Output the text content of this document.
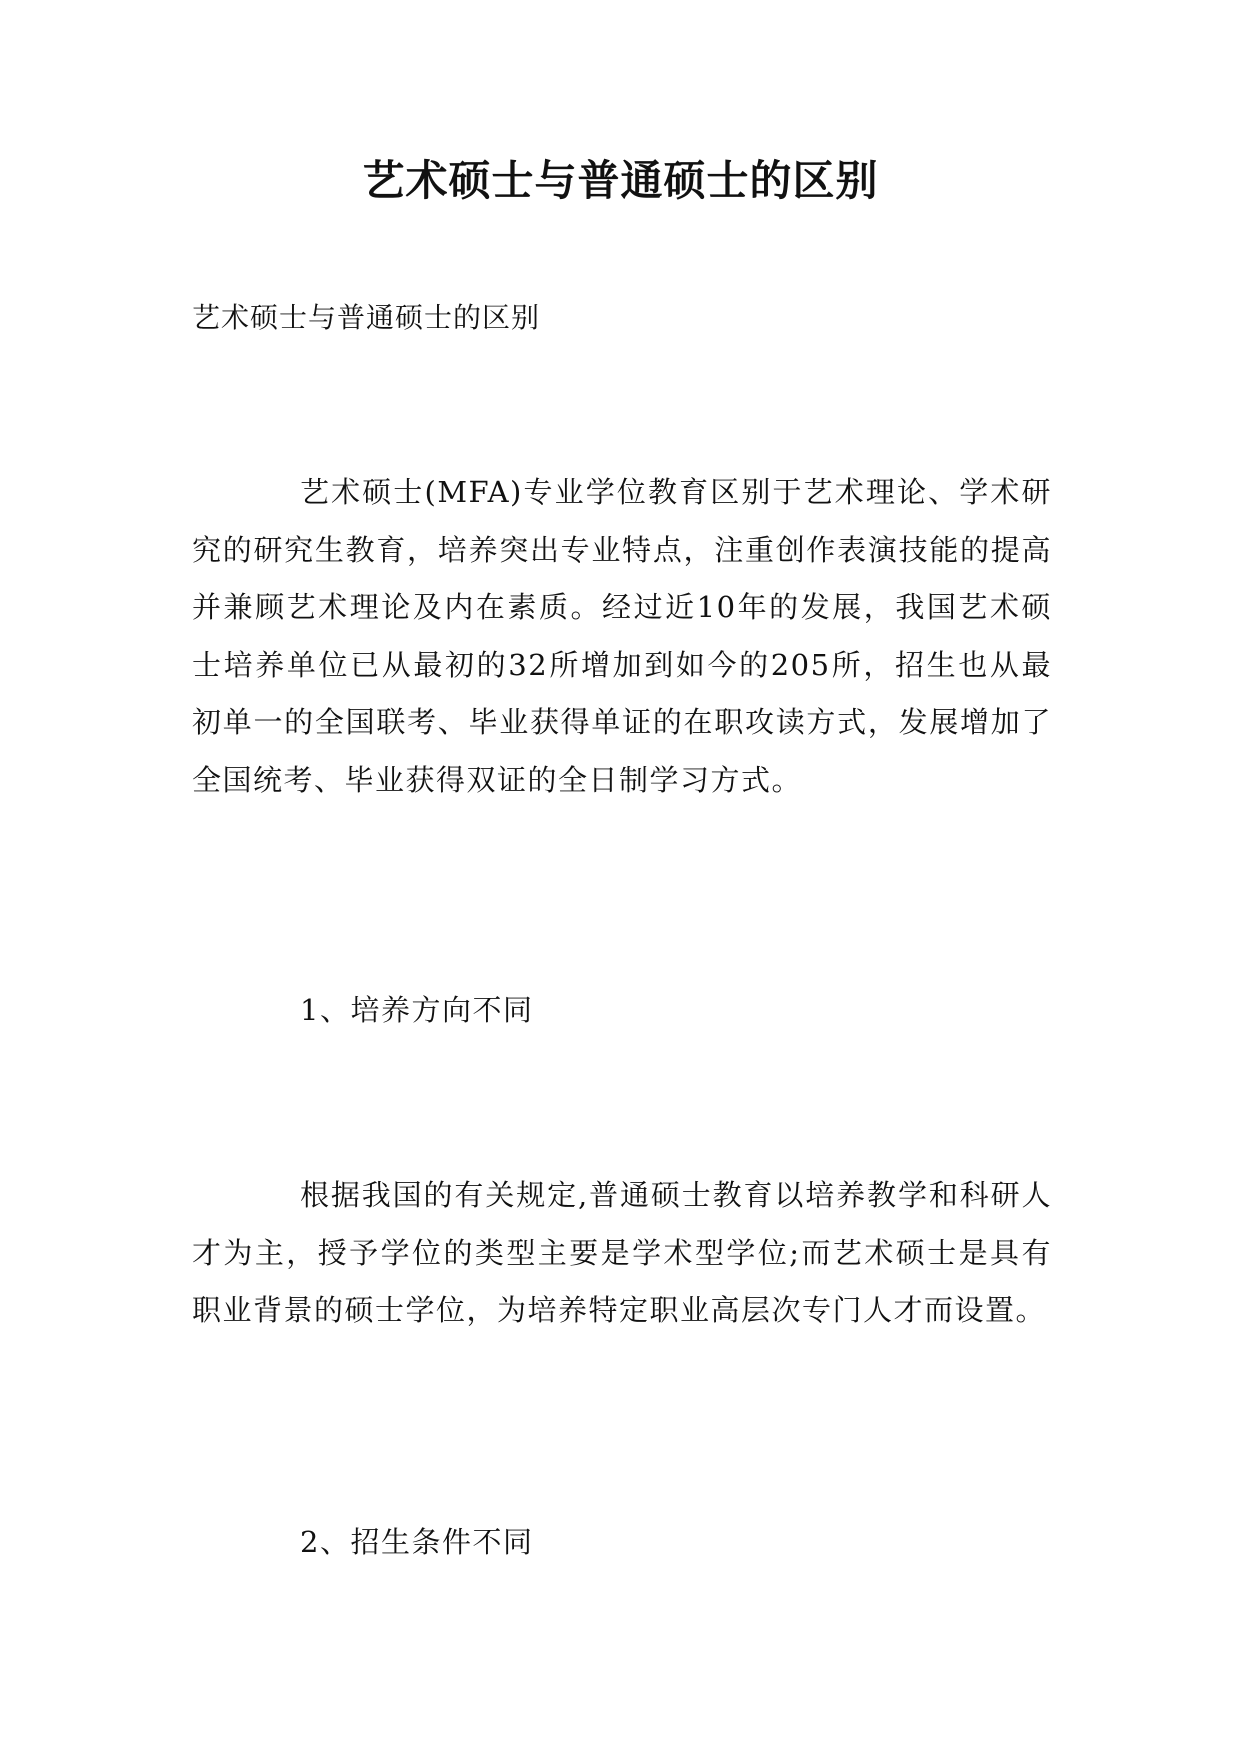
艺术硕士与普通硕士的区别

艺术硕士与普通硕士的区别

艺术硕士(MFA)专业学位教育区别于艺术理论、学术研究的研究生教育，培养突出专业特点，注重创作表演技能的提高并兼顾艺术理论及内在素质。经过近10年的发展，我国艺术硕士培养单位已从最初的32所增加到如今的205所，招生也从最初单一的全国联考、毕业获得单证的在职攻读方式，发展增加了全国统考、毕业获得双证的全日制学习方式。

1、培养方向不同

根据我国的有关规定,普通硕士教育以培养教学和科研人才为主，授予学位的类型主要是学术型学位;而艺术硕士是具有职业背景的硕士学位，为培养特定职业高层次专门人才而设置。

2、招生条件不同
